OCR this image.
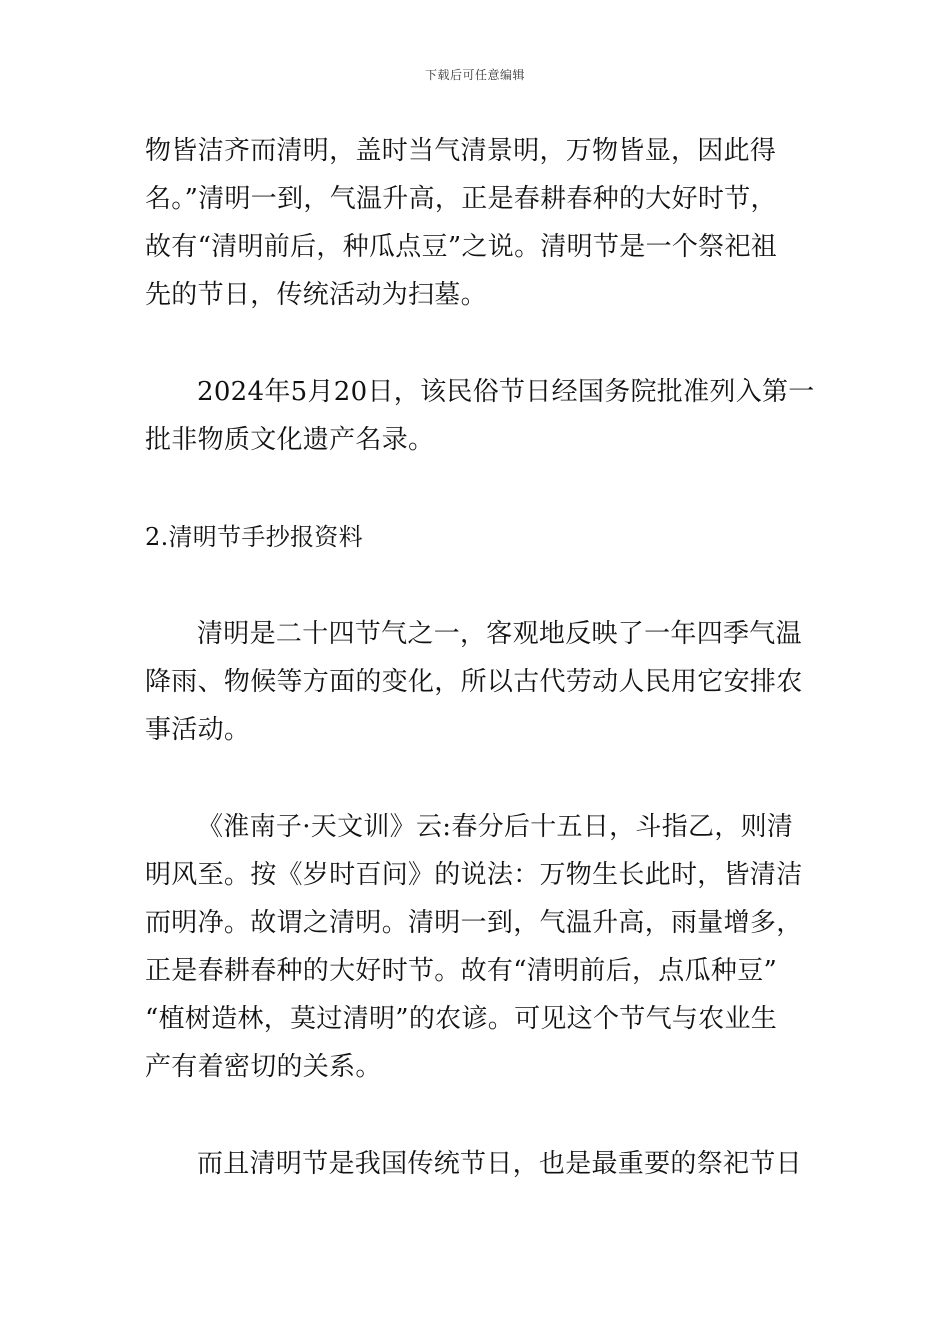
下载后可任意编辑
物皆洁齐而清明，盖时当气清景明，万物皆显，因此得
名。”清明一到，气温升高，正是春耕春种的大好时节，
故有“清明前后，种瓜点豆”之说。清明节是一个祭祀祖
先的节日，传统活动为扫墓。
2024年5月20日，该民俗节日经国务院批准列入第一
批非物质文化遗产名录。
2.清明节手抄报资料
清明是二十四节气之一，客观地反映了一年四季气温
降雨、物候等方面的变化，所以古代劳动人民用它安排农
事活动。
《淮南子·天文训》云:春分后十五日，斗指乙，则清
明风至。按《岁时百问》的说法：万物生长此时，皆清洁
而明净。故谓之清明。清明一到，气温升高，雨量增多，
正是春耕春种的大好时节。故有“清明前后，点瓜种豆”
“植树造林，莫过清明”的农谚。可见这个节气与农业生
产有着密切的关系。
而且清明节是我国传统节日，也是最重要的祭祀节日
